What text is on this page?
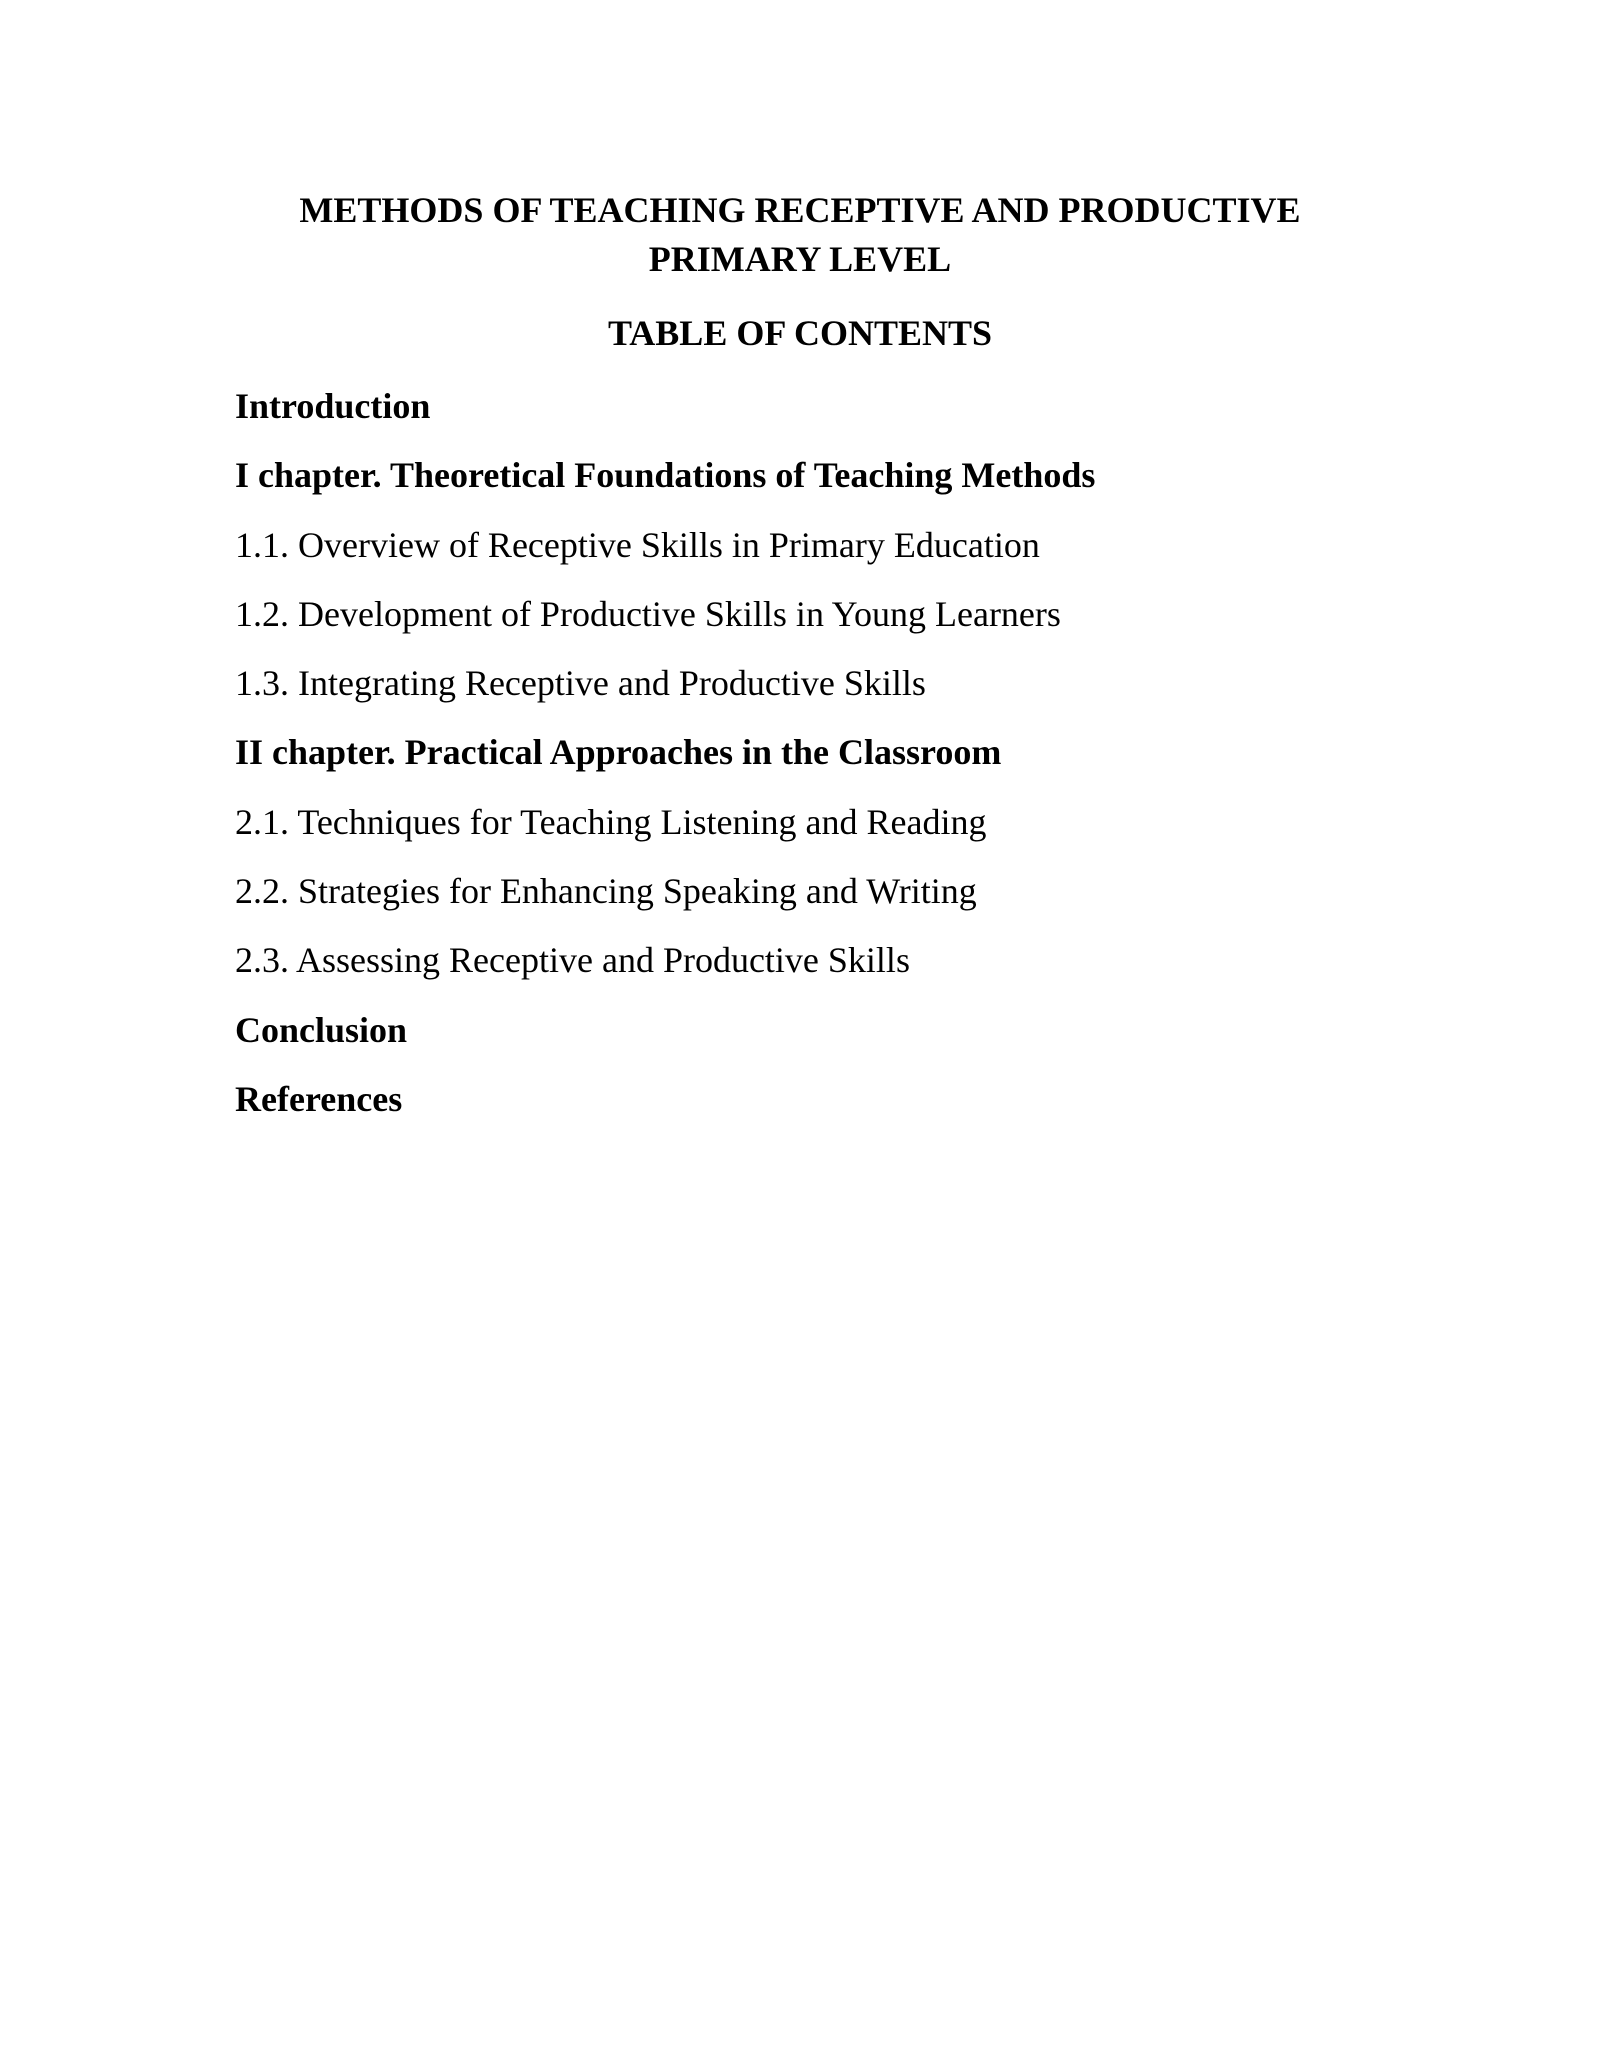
METHODS OF TEACHING RECEPTIVE AND PRODUCTIVE
PRIMARY LEVEL
TABLE OF CONTENTS
Introduction
I chapter. Theoretical Foundations of Teaching Methods
1.1. Overview of Receptive Skills in Primary Education
1.2. Development of Productive Skills in Young Learners
1.3. Integrating Receptive and Productive Skills
II chapter. Practical Approaches in the Classroom
2.1. Techniques for Teaching Listening and Reading
2.2. Strategies for Enhancing Speaking and Writing
2.3. Assessing Receptive and Productive Skills
Conclusion
References
